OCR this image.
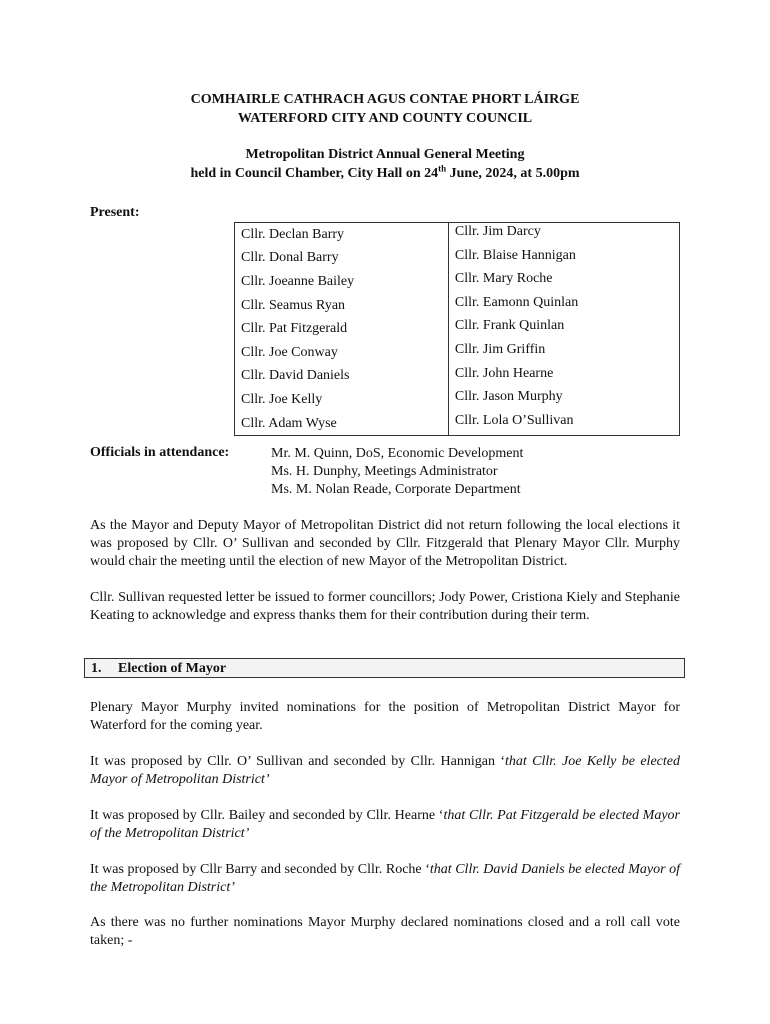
COMHAIRLE CATHRACH AGUS CONTAE PHORT LÁIRGE
WATERFORD CITY AND COUNTY COUNCIL
Metropolitan District Annual General Meeting
held in Council Chamber, City Hall on 24th June, 2024, at 5.00pm
Present:
Cllr. Declan Barry	Cllr. Jim Darcy
Cllr. Donal Barry	Cllr. Blaise Hannigan
Cllr. Joeanne Bailey	Cllr. Mary Roche
Cllr. Seamus Ryan	Cllr. Eamonn Quinlan
Cllr. Pat Fitzgerald	Cllr. Frank Quinlan
Cllr. Joe Conway	Cllr. Jim Griffin
Cllr. David Daniels	Cllr. John Hearne
Cllr. Joe Kelly	Cllr. Jason Murphy
Cllr. Adam Wyse	Cllr. Lola O’Sullivan
Officials in attendance:	Mr. M. Quinn, DoS, Economic Development
Ms. H. Dunphy, Meetings Administrator
Ms. M. Nolan Reade, Corporate Department
As the Mayor and Deputy Mayor of Metropolitan District did not return following the local elections it was proposed by Cllr. O’ Sullivan and seconded by Cllr. Fitzgerald that Plenary Mayor Cllr. Murphy would chair the meeting until the election of new Mayor of the Metropolitan District.
Cllr. Sullivan requested letter be issued to former councillors; Jody Power, Cristiona Kiely and Stephanie Keating to acknowledge and express thanks them for their contribution during their term.
1. Election of Mayor
Plenary Mayor Murphy invited nominations for the position of Metropolitan District Mayor for Waterford for the coming year.
It was proposed by Cllr. O’ Sullivan and seconded by Cllr. Hannigan ‘that Cllr. Joe Kelly be elected Mayor of Metropolitan District’
It was proposed by Cllr. Bailey and seconded by Cllr. Hearne ‘that Cllr. Pat Fitzgerald be elected Mayor of the Metropolitan District’
It was proposed by Cllr Barry and seconded by Cllr. Roche ‘that Cllr. David Daniels be elected Mayor of the Metropolitan District’
As there was no further nominations Mayor Murphy declared nominations closed and a roll call vote taken; -
